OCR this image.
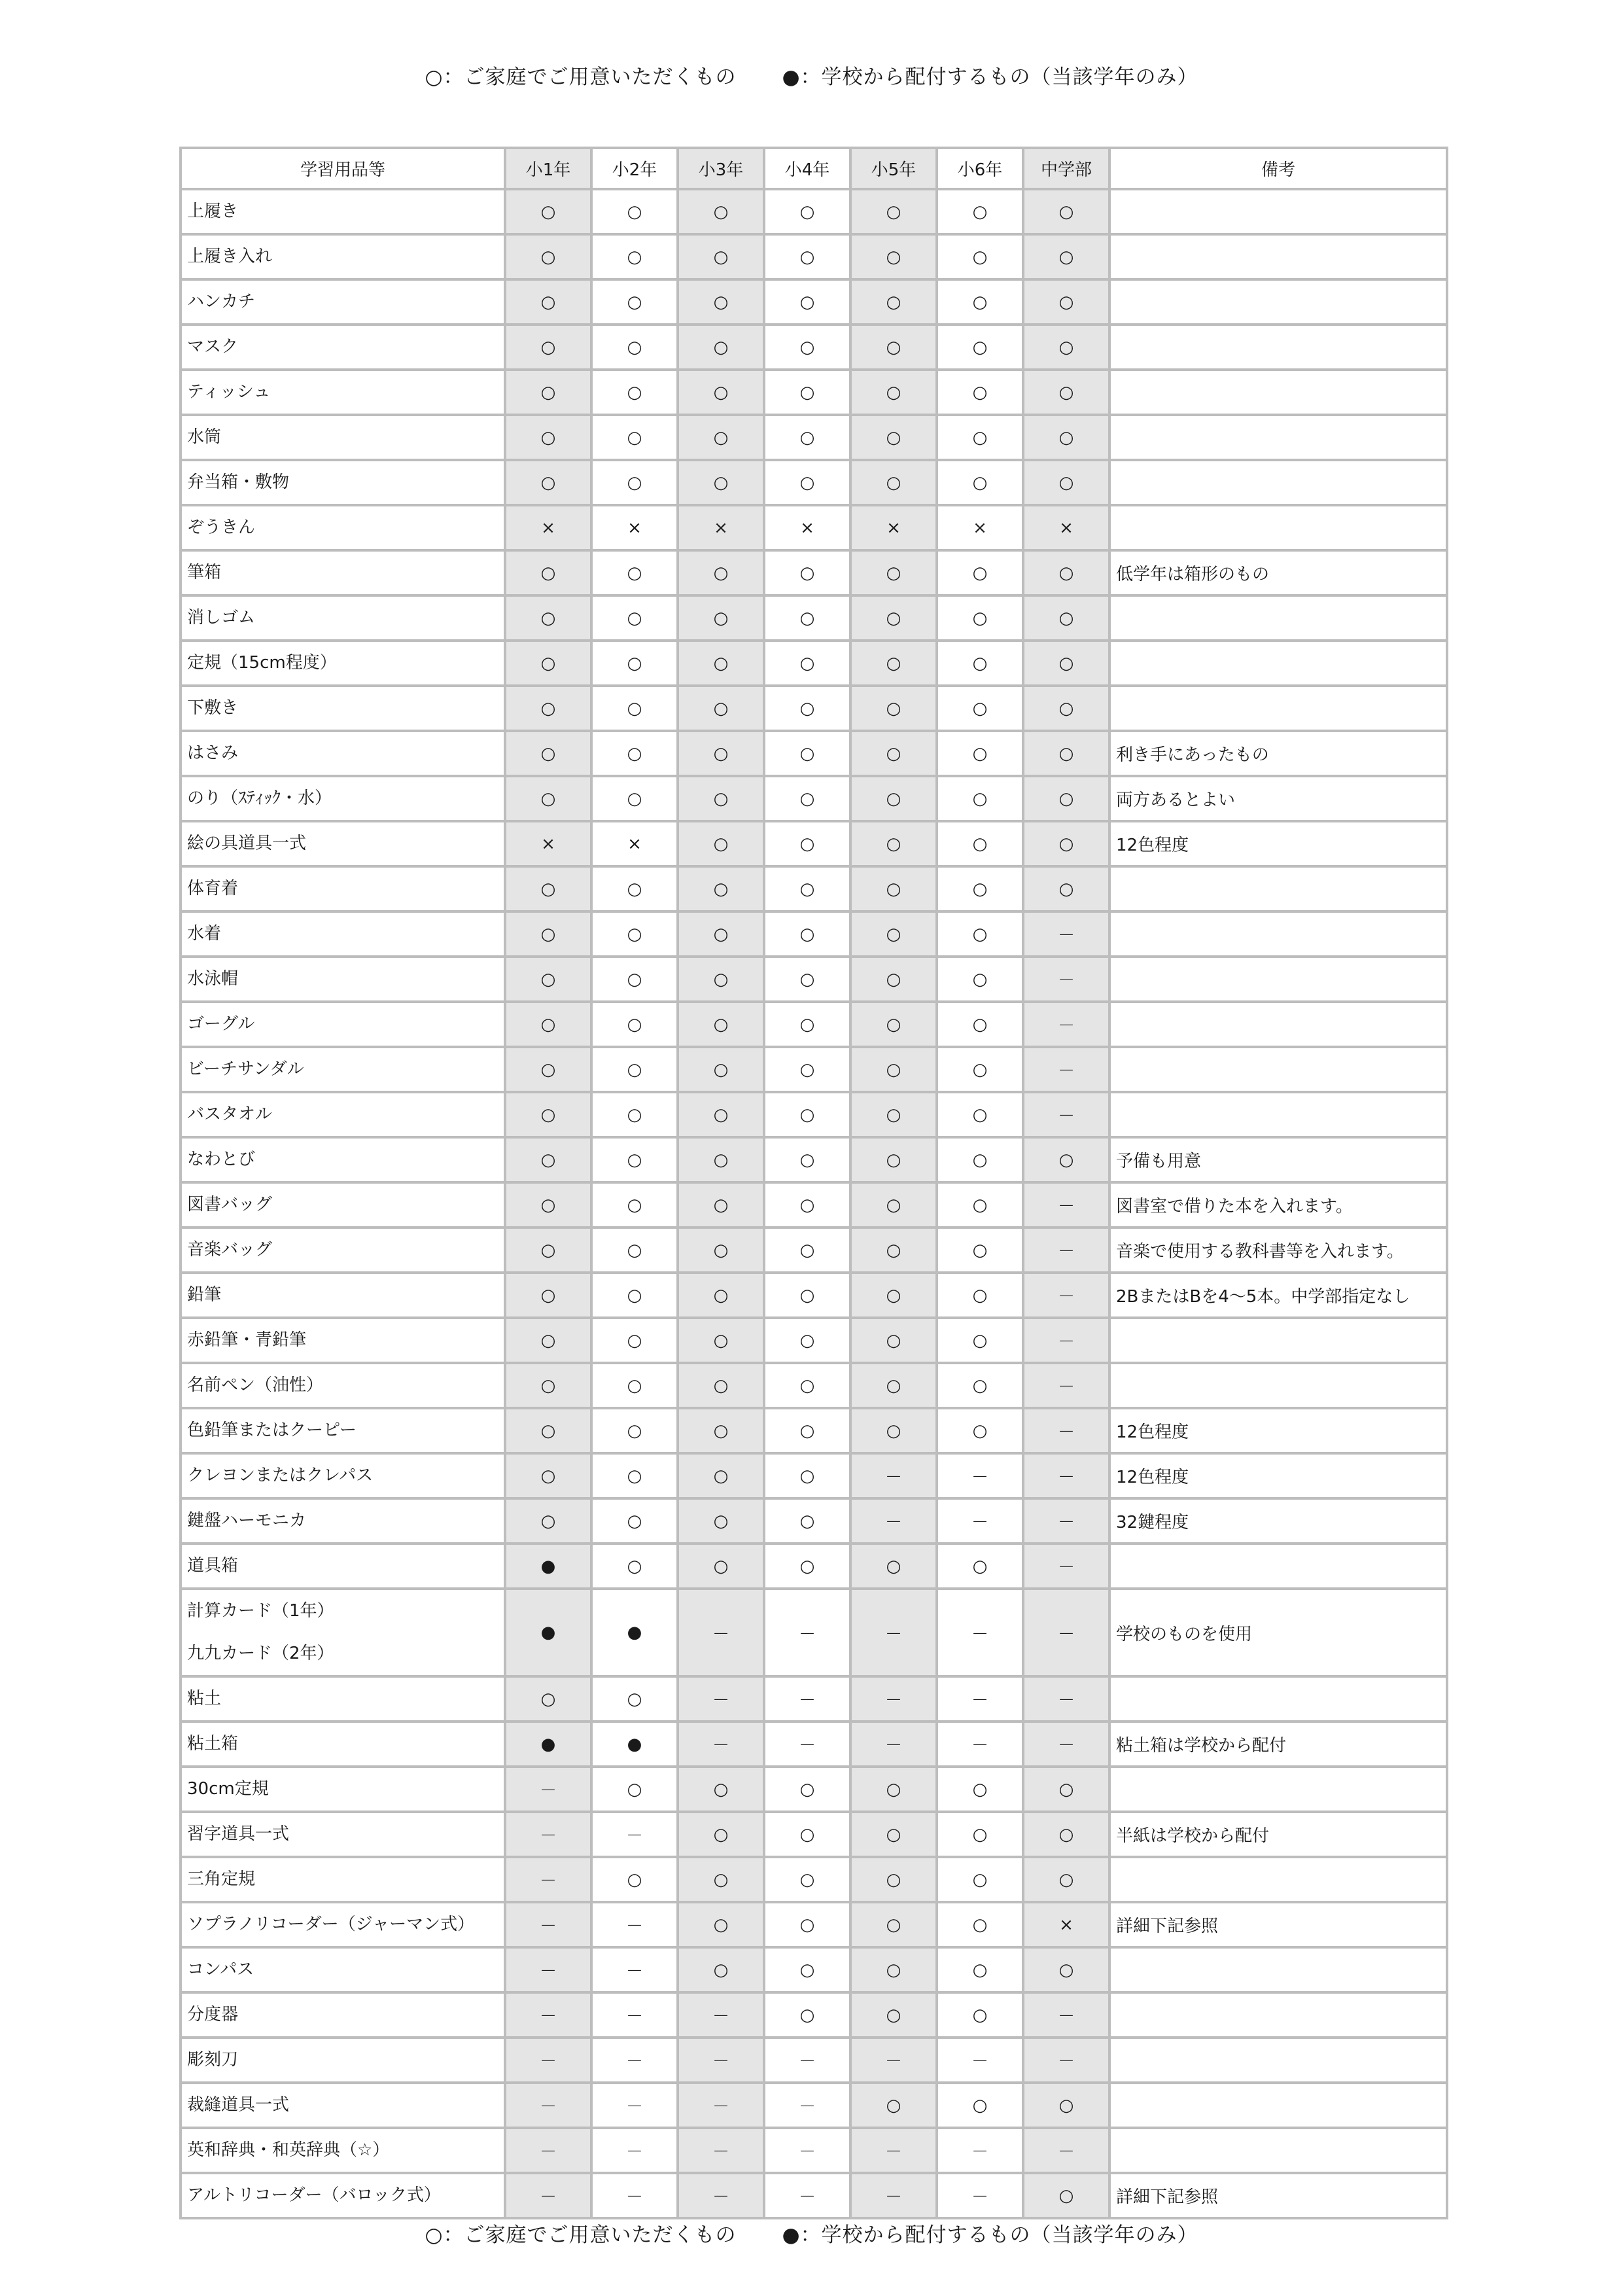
○：ご家庭でご用意いただくもの ●：学校から配付するもの（当該学年のみ）
学習用品等	小1年	小2年	小3年	小4年	小5年	小6年	中学部	備考

上履き	○	○	○	○	○	○	○	

上履き入れ	○	○	○	○	○	○	○	

ハンカチ	○	○	○	○	○	○	○	

マスク	○	○	○	○	○	○	○	

ティッシュ	○	○	○	○	○	○	○	

水筒	○	○	○	○	○	○	○	

弁当箱・敷物	○	○	○	○	○	○	○	

ぞうきん	×	×	×	×	×	×	×	

筆箱	○	○	○	○	○	○	○	低学年は箱形のもの

消しゴム	○	○	○	○	○	○	○	

定規（15cm程度）	○	○	○	○	○	○	○	

下敷き	○	○	○	○	○	○	○	

はさみ	○	○	○	○	○	○	○	利き手にあったもの

のり（ｽﾃｨｯｸ・水）	○	○	○	○	○	○	○	両方あるとよい

絵の具道具一式	×	×	○	○	○	○	○	12色程度

体育着	○	○	○	○	○	○	○	

水着	○	○	○	○	○	○	－	

水泳帽	○	○	○	○	○	○	－	

ゴーグル	○	○	○	○	○	○	－	

ビーチサンダル	○	○	○	○	○	○	－	

バスタオル	○	○	○	○	○	○	－	

なわとび	○	○	○	○	○	○	○	予備も用意

図書バッグ	○	○	○	○	○	○	－	図書室で借りた本を入れます。

音楽バッグ	○	○	○	○	○	○	－	音楽で使用する教科書等を入れます。

鉛筆	○	○	○	○	○	○	－	2BまたはBを4～5本。中学部指定なし

赤鉛筆・青鉛筆	○	○	○	○	○	○	－	

名前ペン（油性）	○	○	○	○	○	○	－	

色鉛筆またはクーピー	○	○	○	○	○	○	－	12色程度

クレヨンまたはクレパス	○	○	○	○	－	－	－	12色程度

鍵盤ハーモニカ	○	○	○	○	－	－	－	32鍵程度

道具箱	●	○	○	○	○	○	－	

計算カード（1年）
九九カード（2年）	●	●	－	－	－	－	－	学校のものを使用

粘土	○	○	－	－	－	－	－	

粘土箱	●	●	－	－	－	－	－	粘土箱は学校から配付

30cm定規	－	○	○	○	○	○	○	

習字道具一式	－	－	○	○	○	○	○	半紙は学校から配付

三角定規	－	○	○	○	○	○	○	

ソプラノリコーダー（ジャーマン式）	－	－	○	○	○	○	×	詳細下記参照

コンパス	－	－	○	○	○	○	○	

分度器	－	－	－	○	○	○	－	

彫刻刀	－	－	－	－	－	－	－	

裁縫道具一式	－	－	－	－	○	○	○	

英和辞典・和英辞典（☆）	－	－	－	－	－	－	－	

アルトリコーダー（バロック式）	－	－	－	－	－	－	○	詳細下記参照
○：ご家庭でご用意いただくもの ●：学校から配付するもの（当該学年のみ）
